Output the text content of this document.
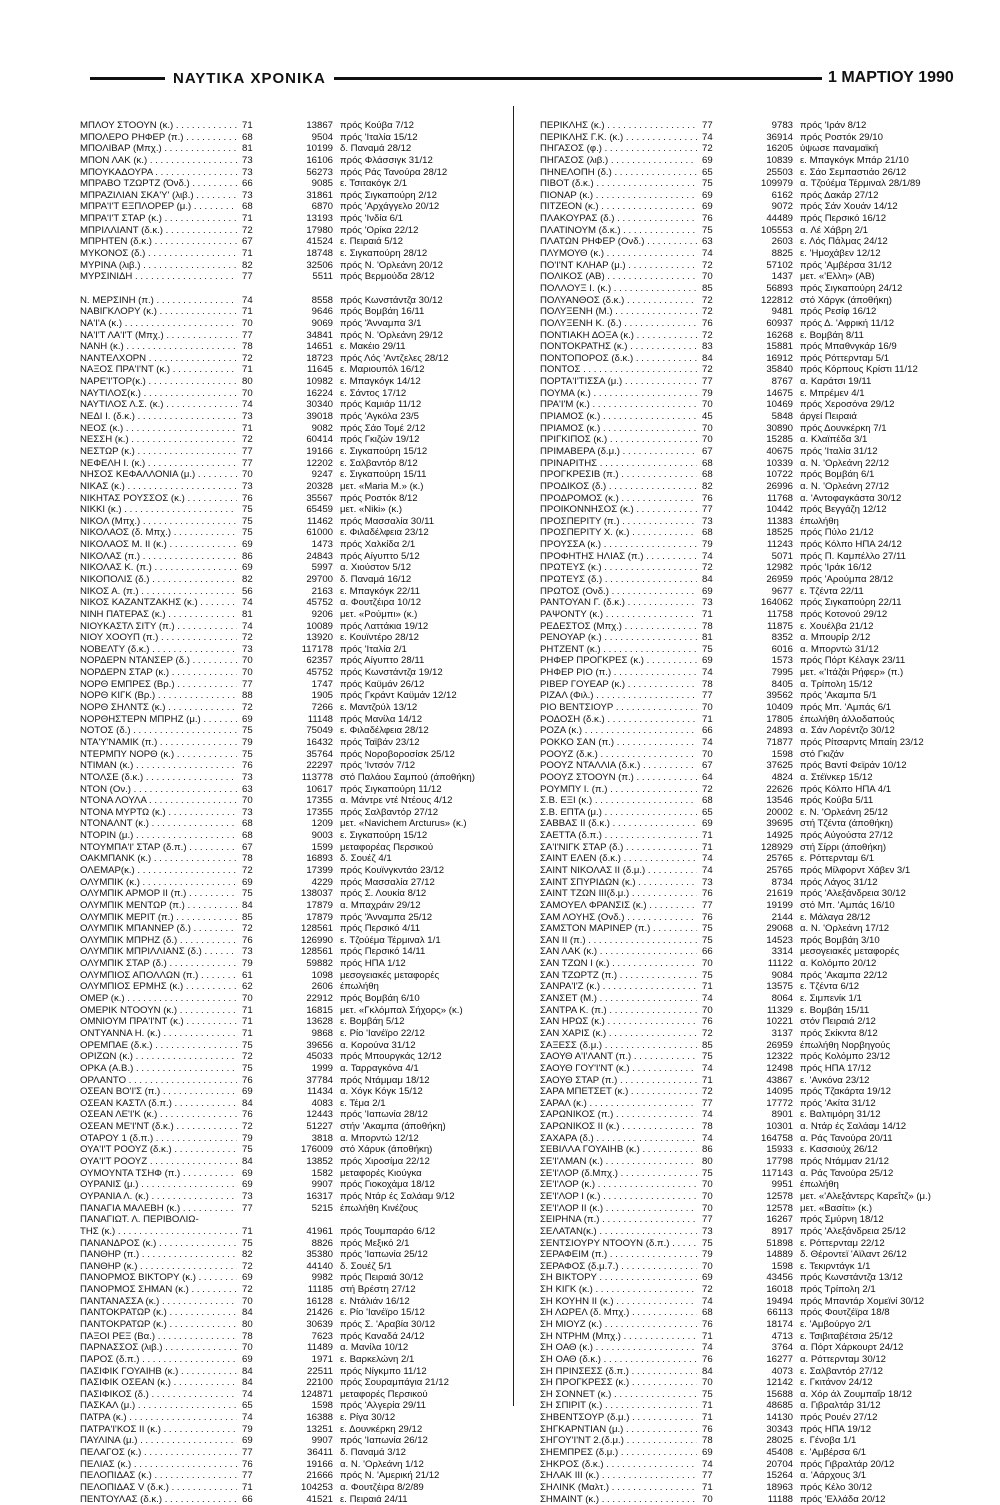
ΝΑΥΤΙΚΑ ΧΡΟΝΙΚΑ	1 ΜΑΡΤΙΟΥ 1990
ΜΠΛΟΥ ΣΤΟΟΥΝ (κ.) . . .	71	13867 πρός Κούβα 7/12
ΜΠΟΛΕΡΟ ΡΗΦΕΡ (π.) . . .	68	9504 πρός 'Ιταλία 15/12
ΜΠΟΛΙΒΑΡ (Μπχ.) . . .	81	10199 δ. Παναμά 28/12
ΜΠΟΝ ΛΑΚ (κ.) . . .	73	16106 πρός Φλάσσιγκ 31/12
ΜΠΟΥΚΑΔΟΥΡΑ . . .	73	56273 πρός Ράς Τανούρα 28/12
ΜΠΡΑΒΟ ΤΖΩΡΤΖ (Όνδ.) . . .	66	9085 ε. Τσιτακόγκ 2/1
ΜΠΡΑΖΙΛΙΑΝ ΣΚΑ'Υ' (λιβ.) . . .	73	31861 πρός Σιγκαπούρη 2/12
ΜΠΡΑ'Ι'Τ ΕΞΠΛΟΡΕΡ (μ.) . . .	68	6870 πρός 'Αρχάγγελο 20/12
ΜΠΡΑ'Ι'Τ ΣΤΑΡ (κ.) . . .	71	13193 πρός 'Ινδία 6/1
ΜΠΡΙΛΛΙΑΝΤ (δ.κ.) . . .	72	17980 πρός 'Ορίκα 22/12
ΜΠΡΗΤΕΝ (δ.κ.) . . .	67	41524 ε. Πειραιά 5/12
ΜΥΚΟΝΟΣ (δ.) . . .	71	18748 ε. Σιγκαπούρη 28/12
ΜΥΡΙΝΑ (λιβ.) . . .	82	32506 πρός Ν. 'Ορλεάνη 20/12
ΜΥΡΣΙΝΙΔΗ . . .	77	5511 πρός Βερμούδα 28/12
Ν. ΜΕΡΣΙΝΗ (π.) . . .	74	8558 πρός Κωνστάντζα 30/12
ΝΑΒΙΓΚΛΟΡΥ (κ.) . . .	71	9646 πρός Βομβάη 16/11
ΝΑ'Ι'Α (κ.) . . .	70	9069 πρός 'Άνναμπα 3/1
ΝΑ'Ι'Τ ΛΑ'Ι'Τ (Μπχ.) . . .	77	34841 πρός Ν. 'Ορλεάνη 29/12
ΝΑΝΗ (κ.) . . .	78	14651 ε. Μακέιο 29/11
ΝΑΝΤΕΛΧΟΡΝ . . .	72	18723 πρός Λός 'Αντζελες 28/12
ΝΑΞΟΣ ΠΡΑ'Ι'ΝΤ (κ.) . . .	71	11645 ε. Μαριουπόλ 16/12
ΝΑΡΕ'Ι'ΤΟΡ(κ.) . . .	80	10982 ε. Μπαγκόγκ 14/12
ΝΑΥΤΙΛΟΣ(κ.) . . .	70	16224 ε. Σάντος 17/12
ΝΑΥΤΙΛΟΣ Λ.Σ. (κ.) . . .	74	30340 πρός Καμιάρ 11/12
ΝΕΔΙ Ι. (δ.κ.) . . .	73	39018 πρός 'Αγκόλα 23/5
ΝΕΟΣ (κ.) . . .	71	9082 πρός Σάο Τομέ 2/12
ΝΕΣΣΗ (κ.) . . .	72	60414 πρός Γκιζών 19/12
ΝΕΣΤΩΡ (κ.) . . .	77	19166 ε. Σιγκαπούρη 15/12
ΝΕΦΕΛΗ Ι. (κ.) . . .	77	12202 ε. Σαλβαντόρ 8/12
ΝΗΣΟΣ ΚΕΦΑΛΛΟΝΙΑ (μ.) . . .	70	9247 ε. Σιγκαπούρη 15/11
ΝΙΚΑΣ (κ.) . . .	73	20328 μετ. «Maria M.» (κ.)
ΝΙΚΗΤΑΣ ΡΟΥΣΣΟΣ (κ.) . . .	76	35567 πρός Ροστόκ 8/12
ΝΙΚΚΙ (κ.) . . .	75	65459 μετ. «Nikі» (κ.)
ΝΙΚΟΛ (Μπχ.) . . .	75	11462 πρός Μασσαλία 30/11
ΝΙΚΟΛΑΟΣ (δ. Μπχ.) . . .	75	61000 ε. Φιλαδέλφεια 23/12
ΝΙΚΟΛΑΟΣ Μ. ΙΙ (κ.) . . .	69	1473 πρός Χαλκίδα 2/1
ΝΙΚΟΛΑΣ (π.) . . .	86	24843 πρός Αίγυπτο 5/12
ΝΙΚΟΛΑΣ Κ. (π.) . . .	69	5997 α. Χιούστον 5/12
ΝΙΚΟΠΟΛΙΣ (δ.) . . .	82	29700 δ. Παναμά 16/12
ΝΙΚΟΣ Α. (π.) . . .	56	2163 ε. Μπαγκόγκ 22/11
ΝΙΚΟΣ ΚΑΖΑΝΤΖΑΚΗΣ (κ.) . . .	74	45752 α. Φουτζέιρα 10/12
ΝΙΝΗ ΠΑΤΕΡΑΣ (κ.) . . .	81	9206 μετ. «Ρούμπι» (κ.)
ΝΙΟΥΚΑΣΤΛ ΣΙΤΥ (π.) . . .	74	10089 πρός Λαττάκια 19/12
ΝΙΟΥ ΧΟΟΥΠ (π.) . . .	72	13920 ε. Κουϊντέρο 28/12
ΝΟΒΕΛΤΥ (δ.κ.) . . .	73	117178 πρός 'Ιταλία 2/1
ΝΟΡΔΕΡΝ ΝΤΑΝΣΕΡ (δ.) . . .	70	62357 πρός Αίγυπτο 28/11
ΝΟΡΔΕΡΝ ΣΤΑΡ (κ.) . . .	70	45752 πρός Κωνστάντζα 19/12
ΝΟΡΘ ΕΜΠΡΕΣ (Βρ.) . . .	77	1747 πρός Καϋμάν 26/12
ΝΟΡΘ ΚΙΓΚ (Βρ.) . . .	88	1905 πρός Γκράντ Καϋμάν 12/12
ΝΟΡΘ ΣΗΛΝΤΣ (κ.) . . .	72	7266 ε. Μαντζούλ 13/12
ΝΟΡΘΗΣΤΕΡΝ ΜΠΡΗΖ (μ.) . . .	69	11148 πρός Μανίλα 14/12
ΝΟΤΟΣ (δ.) . . .	75	75049 ε. Φιλαδέλφεια 28/12
ΝΤΑ'Υ'ΝΑΜΙΚ (π.) . . .	79	16432 πρός Ταϊβάν 23/12
ΝΤΕΡΜΠΥ ΝΟΡΘ (κ.) . . .	75	35764 πρός Νοροβοροσίσκ 25/12
ΝΤΙΜΑΝ (κ.) . . .	76	22297 πρός 'Ιντσόν 7/12
ΝΤΟΛΣΕ (δ.κ.) . . .	73	113778 στό Παλάου Σαμπού (άποθήκη)
ΝΤΟΝ (Ον.) . . .	63	10617 πρός Σιγκαπούρη 11/12
ΝΤΟΝΑ ΛΟΥΛΑ . . .	70	17355 α. Μάντρε ντέ Ντέους 4/12
ΝΤΟΝΑ ΜΥΡΤΩ (κ.) . . .	73	17355 πρός Σαλβαντόρ 27/12
ΝΤΟΝΑΛΝΤ (κ.) . . .	68	1209 μετ. «Navichem Arcturus» (κ.)
ΝΤΟΡΙΝ (μ.) . . .	68	9003 ε. Σιγκαπούρη 15/12
ΝΤΟΥΜΠΑ'Ι' ΣΤΑΡ (δ.π.) . . .	67	1599 μεταφορέας Περσικού
ΟΑΚΜΠΑΝΚ (κ.) . . .	78	16893 δ. Σουέζ 4/1
ΟΛΕΜΑΡ(κ.) . . .	72	17399 πρός Κουϊνγκντάο 23/12
ΟΛΥΜΠΙΚ (κ.) . . .	69	4229 πρός Μασσαλία 27/12
ΟΛΥΜΠΙΚ ΑΡΜΟΡ ΙΙ (π.) . . .	75	138037 πρός Σ. Λουκία 8/12
ΟΛΥΜΠΙΚ ΜΕΝΤΩΡ (π.) . . .	84	17879 α. Μπαχράιν 29/12
ΟΛΥΜΠΙΚ ΜΕΡΙΤ (π.) . . .	85	17879 πρός 'Άνναμπα 25/12
ΟΛΥΜΠΙΚ ΜΠΑΝΝΕΡ (δ.) . . .	72	128561 πρός Περσικό 4/11
ΟΛΥΜΠΙΚ ΜΠΡΗΖ (δ.) . . .	76	126990 ε. Τζούέμα Τέρμιναλ 1/1
ΟΛΥΜΠΙΚ ΜΠΡΙΛΛΙΑΝΣ (δ.) . . .	73	128561 πρός Περσικό 14/11
ΟΛΥΜΠΙΚ ΣΤΑΡ (δ.) . . .	79	59882 πρός ΗΠΑ 1/12
ΟΛΥΜΠΙΟΣ ΑΠΟΛΛΩΝ (π.) . . .	61	1098 μεσογειακές μεταφορές
ΟΛΥΜΠΙΟΣ ΕΡΜΗΣ (κ.) . . .	62	2606 έπωλήθη
ΟΜΕΡ (κ.) . . .	70	22912 πρός Βομβάη 6/10
ΟΜΕΡΙΚ ΝΤΟΟΥΝ (κ.) . . .	71	16815 μετ. «Γκλόμπαλ Σήχορς» (κ.)
ΟΜΝΙΟΥΜ ΠΡΑ'Ι'ΝΤ (κ.) . . .	71	13628 ε. Βομβάη 5/12
ΟΝΤΥΑΝΝΑ Η. (κ.) . . .	71	9868 ε. Ρίο 'Ιανέϊρο 22/12
ΟΡΕΜΠΑΕ (δ.κ.) . . .	75	39656 α. Κορούνα 31/12
ΟΡΙΖΩΝ (κ.) . . .	72	45033 πρός Μπουργκάς 12/12
ΟΡΚΑ (Α.Β.) . . .	75	1999 α. Ταρραγκόνα 4/1
ΟΡΛΑΝΤΟ . . .	76	37784 πρός Ντάμμαμ 18/12
ΟΣΕΑΝ ΒΟ'Ι'Σ (π.) . . .	69	11434 α. Χόγκ Κόγκ 15/12
ΟΣΕΑΝ ΚΑΣΤΛ (δ.π.) . . .	84	4083 ε. Τέμα 2/1
ΟΣΕΑΝ ΛΕ'Ι'Κ (κ.) . . .	76	12443 πρός 'Ιαπωνία 28/12
ΟΣΕΑΝ ΜΕ'Ι'ΝΤ (δ.κ.) . . .	72	51227 στήν 'Ακαμπα (άποθήκη)
ΟΤΑΡΟΥ 1 (δ.π.) . . .	79	3818 α. Μπορντώ 12/12
ΟΥΑ'Ι'Τ ΡΟΟΥΖ (δ.κ.) . . .	75	176009 στό Χάρυκ (άποθήκη)
ΟΥΑ'Ι'Τ ΡΟΟΥΖ . . .	84	13852 πρός Χιροσίμα 22/12
ΟΥΜΟΥΝΤΑ ΤΣΗΦ (π.) . . .	69	1582 μεταφορές Κιούγκα
ΟΥΡΑΝΙΣ (μ.) . . .	69	9907 πρός Γιοκοχάμα 18/12
ΟΥΡΑΝΙΑ Λ. (κ.) . . .	73	16317 πρός Ντάρ ές Σαλάαμ 9/12
ΠΑΝΑΓΙΑ ΜΑΛΕΒΗ (κ.) . . .	77	5215 έπωλήθη Κινέζους
ΠΑΝΑΓΙΩΤ. Λ. ΠΕΡΙΒΟΛΙΩ-
ΤΗΣ (κ.) . . .	71	41961 πρός Τουμπαράο 6/12
ΠΑΝΑΝΔΡΟΣ (κ.) . . .	75	8826 πρός Μεξικό 2/1
ΠΑΝΘΗΡ (π.) . . .	82	35380 πρός 'Ιαπωνία 25/12
ΠΑΝΘΗΡ (κ.) . . .	72	44140 δ. Σουέζ 5/1
ΠΑΝΟΡΜΟΣ ΒΙΚΤΟΡΥ (κ.) . . .	69	9982 πρός Πειραιά 30/12
ΠΑΝΟΡΜΟΣ ΣΗΜΑΝ (κ.) . . .	72	11185 στή Βρέστη 27/12
ΠΑΝΤΑΝΑΣΣΑ (κ.) . . .	70	16128 ε. Ντάλιάν 16/12
ΠΑΝΤΟΚΡΑΤΩΡ (κ.) . . .	84	21426 ε. Ρίο 'Ιανέϊρο 15/12
ΠΑΝΤΟΚΡΑΤΩΡ (κ.) . . .	80	30639 πρός Σ. 'Αραβία 30/12
ΠΑΞΟΙ ΡΕΞ (Βα.) . . .	78	7623 πρός Καναδά 24/12
ΠΑΡΝΑΣΣΟΣ (λιβ.) . . .	70	11489 α. Μανίλα 10/12
ΠΑΡΟΣ (δ.π.) . . .	69	1971 ε. Βαρκελώνη 2/1
ΠΑΣΙΦΙΚ ΓΟΥΑΙΗΒ (κ.) . . .	84	22511 πρός Νίγκμπο 11/12
ΠΑΣΙΦΙΚ ΟΣΕΑΝ (κ.) . . .	84	22100 πρός Σουραμπάγια 21/12
ΠΑΣΙΦΙΚΟΣ (δ.) . . .	74	124871 μεταφορές Περσικού
ΠΑΣΚΑΛ (μ.) . . .	65	1598 πρός 'Αλγερία 29/11
ΠΑΤΡΑ (κ.) . . .	74	16388 ε. Ρίγα 30/12
ΠΑΤΡΑ'Ι'ΚΟΣ ΙΙ (κ.) . . .	79	13251 ε. Δουνκέρκη 29/12
ΠΑΥΛΙΝΑ (μ.) . . .	69	9907 πρός 'Ιαπωνία 26/12
ΠΕΛΑΓΟΣ (κ.) . . .	77	36411 δ. Παναμά 3/12
ΠΕΛΙΑΣ (κ.) . . .	76	19166 α. Ν. 'Ορλεάνη 1/12
ΠΕΛΟΠΙΔΑΣ (κ.) . . .	77	21666 πρός Ν. 'Αμερική 21/12
ΠΕΛΟΠΙΔΑΣ V (δ.κ.) . . .	71	104253 α. Φουτζέιρα 8/2/89
ΠΕΝΤΟΥΛΑΣ (δ.κ.) . . .	66	41521 ε. Πειραιά 24/11
ΠΕΡΙΚΛΗΣ (κ.) . . .	77	9783 πρός 'Ιράν 8/12
ΠΕΡΙΚΛΗΣ Γ.Κ. (κ.) . . .	74	36914 πρός Ροστόκ 29/10
ΠΗΓΑΣΟΣ (φ.) . . .	72	16205 ύψωσε παναμαϊκή
ΠΗΓΑΣΟΣ (λιβ.) . . .	69	10839 ε. Μπαγκόγκ Μπάρ 21/10
ΠΗΝΕΛΟΠΗ (δ.) . . .	65	25503 ε. Σάο Σεμπαστιάο 26/12
ΠΙΒΟΤ (δ.κ.) . . .	75	109979 α. Τζούέμα Τέρμιναλ 28/1/89
ΠΙΟΝΑΡ (κ.) . . .	69	6162 πρός Δακάρ 27/12
ΠΙΤΖΕΟΝ (κ.) . . .	69	9072 πρός Σάν Χουάν 14/12
ΠΛΑΚΟΥΡΑΣ (δ.) . . .	76	44489 πρός Περσικό 16/12
ΠΛΑΤΙΝΟΥΜ (δ.κ.) . . .	75	105553 α. Λέ Χάβρη 2/1
ΠΛΑΤΩΝ ΡΗΦΕΡ (Ονδ.) . . .	63	2603 ε. Λός Πάλμας 24/12
ΠΛΥΜΟΥΘ (κ.) . . .	74	8825 ε. 'Ημοχάβεν 12/12
ΠΟ'Ι'ΝΤ ΚΛΗΑΡ (μ.) . . .	72	57102 πρός 'Αμβέρσα 31/12
ΠΟΛΙΚΟΣ (ΑΒ) . . .	70	1437 μετ. «'Ελλη» (ΑΒ)
ΠΟΛΛΟΥΞ Ι. (κ.) . . .	85	56893 πρός Σιγκαπούρη 24/12
ΠΟΛΥΑΝΘΟΣ (δ.κ.) . . .	72	122812 στό Χάργκ (άποθήκη)
ΠΟΛΥΞΕΝΗ (Μ.) . . .	72	9481 πρός Ρεσίφ 16/12
ΠΟΛΥΞΕΝΗ Κ. (δ.) . . .	76	60937 πρός Δ. 'Αφρική 11/12
ΠΟΝΤΙΑΚΗ ΔΟΞΑ (κ.) . . .	72	16268 ε. Βομβάη 8/11
ΠΟΝΤΟΚΡΑΤΗΣ (κ.) . . .	83	15881 πρός Μπαθνγκάρ 16/9
ΠΟΝΤΟΠΟΡΟΣ (δ.κ.) . . .	84	16912 πρός Ρόττερνταμ 5/1
ΠΟΝΤΟΣ . . .	72	35840 πρός Κόρπους Κρίστι 11/12
ΠΟΡΤΑ'Ι'ΤΙΣΣΑ (μ.) . . .	77	8767 α. Καράτσι 19/11
ΠΟΥΜΑ (κ.) . . .	79	14675 ε. Μπρέμεν 4/1
ΠΡΑ'Ι'Μ (κ.) . . .	70	10469 πρός Χεροσόνα 29/12
ΠΡΙΑΜΟΣ (κ.) . . .	45	5848 άργεί Πειραιά
ΠΡΙΑΜΟΣ (κ.) . . .	70	30890 πρός Δουνκέρκη 7/1
ΠΡΙΓΚΙΠΟΣ (κ.) . . .	70	15285 α. Κλαϊπέδα 3/1
ΠΡΙΜΑΒΕΡΑ (δ.μ.) . . .	67	40675 πρός 'Ιταλία 31/12
ΠΡΙΝΑΡΙΤΗΣ . . .	68	10339 α. Ν. 'Ορλεάνη 22/12
ΠΡΟΓΚΡΕΣΙΒ (π.) . . .	68	10722 πρός Βομβάη 6/1
ΠΡΟΔΙΚΟΣ (δ.) . . .	82	26996 α. Ν. 'Ορλεάνη 27/12
ΠΡΟΔΡΟΜΟΣ (κ.) . . .	76	11768 α. 'Αντοφαγκάστα 30/12
ΠΡΟΙΚΟΝΝΗΣΟΣ (κ.) . . .	77	10442 πρός Βεγγάζη 12/12
ΠΡΟΣΠΕΡΙΤΥ (π.) . . .	73	11383 έπωλήθη
ΠΡΟΣΠΕΡΙΤΥ Χ. (κ.) . . .	68	18525 πρός Πύλο 21/12
ΠΡΟΥΣΣΑ (κ.) . . .	79	11243 πρός Κόλπο ΗΠΑ 24/12
ΠΡΟΦΗΤΗΣ ΗΛΙΑΣ (π.) . . .	74	5071 πρός Π. Καμπέλλο 27/11
ΠΡΩΤΕΥΣ (κ.) . . .	72	12982 πρός 'Ιράκ 16/12
ΠΡΩΤΕΥΣ (δ.) . . .	84	26959 πρός 'Αρούμπα 28/12
ΠΡΩΤΟΣ (Ονδ.) . . .	69	9677 ε. Τζέντα 22/11
ΡΑΝΤΟΥΑΝ Γ. (δ.κ.) . . .	73	164062 πρός Σιγκαπούρη 22/11
ΡΑΨΟΝΤΥ (κ.) . . .	71	11758 πρός Κοτονού 29/12
ΡΕΔΕΣΤΟΣ (Μπχ.) . . .	78	11875 ε. Χουέλβα 21/12
ΡΕΝΟΥΑΡ (κ.) . . .	81	8352 α. Μπουρίρ 2/12
ΡΗΤΖΕΝΤ (κ.) . . .	75	6016 α. Μπορντώ 31/12
ΡΗΦΕΡ ΠΡΟΓΚΡΕΣ (κ.) . . .	69	1573 πρός Πόρτ Κέλαγκ 23/11
ΡΗΦΕΡ ΡΙΟ (π.) . . .	74	7995 μετ. «'Ιτάζάι Ρήφερ» (π.)
ΡΙΒΕΡ ΓΟΥΕΑΡ (κ.) . . .	78	8405 α. Τρίπολη 15/12
ΡΙΖΑΛ (Φιλ.) . . .	77	39562 πρός 'Ακαμπα 5/1
ΡΙΟ ΒΕΝΤΣΙΟΥΡ . . .	70	10409 πρός Μπ. 'Αμπάς 6/1
ΡΟΔΟΣΗ (δ.κ.) . . .	71	17805 έπωλήθη άλλοδαπούς
ΡΟΖΑ (κ.) . . .	66	24893 α. Σάν Λορέντζο 30/12
ΡΟΚΚΟ ΣΑΝ (π.) . . .	74	71877 πρός Ρίτσαρντς Μπαίη 23/12
ΡΟΟΥΖ (δ.κ.) . . .	70	1598 στό Γκιζάν
ΡΟΟΥΖ ΝΤΑΛΛΙΑ (δ.κ.) . . .	67	37625 πρός Βαντί Φεϊράν 10/12
ΡΟΟΥΖ ΣΤΟΟΥΝ (π.) . . .	64	4824 α. Στέϊνκερ 15/12
ΡΟΥΜΠΥ Ι. (π.) . . .	72	22626 πρός Κόλπο ΗΠΑ 4/1
Σ.Β. ΕΞΙ (κ.) . . .	68	13546 πρός Κούβα 5/11
Σ.Β. ΕΠΤΑ (μ.) . . .	65	20002 ε. Ν. 'Ορλεάνη 25/12
ΣΑΒΒΑΣ ΙΙ (δ.κ.) . . .	69	39695 στή Τζέντα (άποθήκη)
ΣΑΕΤΤΑ (δ.π.) . . .	71	14925 πρός Αύγούστα 27/12
ΣΑ'Ι'ΝΙΓΚ ΣΤΑΡ (δ.) . . .	71	128929 στή Σίρρι (άποθήκη)
ΣΑΙΝΤ ΕΛΕΝ (δ.κ.) . . .	74	25765 ε. Ρόττερνταμ 6/1
ΣΑΙΝΤ ΝΙΚΟΛΑΣ ΙΙ (δ.μ.) . . .	74	25765 πρός Μίλφορντ Χάβεν 3/1
ΣΑΙΝΤ ΣΠΥΡΙΔΩΝ (κ.) . . .	73	8734 πρός Λάγος 31/12
ΣΑΙΝΤ ΤΖΩΝ ΙΙΙ(δ.μ.) . . .	76	21619 πρός 'Αλεξάνδρεια 30/12
ΣΑΜΟΥΕΛ ΦΡΑΝΣΙΣ (κ.) . . .	77	19199 στό Μπ. 'Αμπάς 16/10
ΣΑΜ ΛΟΥΗΣ (Ονδ.) . . .	76	2144 ε. Μάλαγα 28/12
ΣΑΜΣΤΟΝ ΜΑΡΙΝΕΡ (π.) . . .	75	29068 α. Ν. 'Ορλεάνη 17/12
ΣΑΝ ΙΙ (π.) . . .	75	14523 πρός Βομβάη 3/10
ΣΑΝ ΛΑΚ (κ.) . . .	66	3314 μεσογειακές μεταφορές
ΣΑΝ ΤΖΩΝ Ι (κ.) . . .	70	11122 α. Κολόμπο 20/12
ΣΑΝ ΤΖΩΡΤΖ (π.) . . .	75	9084 πρός 'Ακαμπα 22/12
ΣΑΝΡΑ'Ι'Ζ (κ.) . . .	71	13575 ε. Τζέντα 6/12
ΣΑΝΣΕΤ (Μ.) . . .	74	8064 ε. Σιμπενίκ 1/1
ΣΑΝΤΡΑ Κ. (π.) . . .	70	11329 ε. Βομβάη 15/11
ΣΑΝ ΗΡΩΣ (κ.) . . .	76	10221 στόν Πειραιά 2/12
ΣΑΝ ΧΑΡΙΣ (κ.) . . .	72	3137 πρός Σκίκντα 8/12
ΣΑΞΕΣΣ (δ.μ.) . . .	85	26959 έπωλήθη Νορβηγούς
ΣΑΟΥΘ Α'Ι'ΛΑΝΤ (π.) . . .	75	12322 πρός Κολόμπο 23/12
ΣΑΟΥΘ ΓΟΥ'Ι'ΝΤ (κ.) . . .	74	12498 πρός ΗΠΑ 17/12
ΣΑΟΥΘ ΣΤΑΡ (π.) . . .	71	43867 ε. 'Ανκόνα 23/12
ΣΑΡΑ ΜΠΕΤΣΕΤ (κ.) . . .	72	14095 πρός Τζακάρτα 19/12
ΣΑΡΑΛ (κ.) . . .	77	17772 πρός 'Ακίτα 31/12
ΣΑΡΩΝΙΚΟΣ (π.) . . .	74	8901 ε. Βαλτιμόρη 31/12
ΣΑΡΩΝΙΚΟΣ ΙΙ (κ.) . . .	78	10301 α. Ντάρ ές Σαλάαμ 14/12
ΣΑΧΑΡΑ (δ.) . . .	74	164758 α. Ράς Τανούρα 20/11
ΣΕΒΙΛΛΑ ΓΟΥΑΙΗΒ (κ.) . . .	86	15933 ε. Κασσιούχ 26/12
ΣΕ'Ι'ΛΜΑΝ (κ.) . . .	80	17798 πρός Ντάμμαν 21/12
ΣΕ'Ι'ΛΟΡ (δ.Μπχ.) . . .	75	117143 α. Ράς Τανούρα 25/12
ΣΕ'Ι'ΛΟΡ (κ.) . . .	70	9951 έπωλήθη
ΣΕ'Ι'ΛΟΡ Ι (κ.) . . .	70	12578 μετ. «'Αλεξάντερς Καρεΐτζ» (μ.)
ΣΕ'Ι'ΛΟΡ ΙΙ (κ.) . . .	70	12578 μετ. «Βασίτι» (κ.)
ΣΕΙΡΗΝΑ (π.) . . .	77	16267 πρός Σμύρνη 18/12
ΣΕΛΑΤΑΝ(κ.) . . .	73	8917 πρός 'Αλεξάνδρεια 25/12
ΣΕΝΤΣΙΟΥΡΥ ΝΤΟΟΥΝ (δ.π.) . . .	75	51898 ε. Ρόττερνταμ 22/12
ΣΕΡΑΦΕΙΜ (π.) . . .	79	14889 δ. Θέροντεϊ 'Αϊλαντ 26/12
ΣΕΡΑΦΟΣ (δ.μ.7.) . . .	70	1598 ε. Τεκιρντάγκ 1/1
ΣΗ ΒΙΚΤΟΡΥ . . .	69	43456 πρός Κωνστάντζα 13/12
ΣΗ ΚΙΓΚ (κ.) . . .	72	16018 πρός Τρίπολη 2/1
ΣΗ ΚΟΥΗΝ ΙΙ (κ.) . . .	74	19494 πρός Μπαντάρ Χομεϊνί 30/12
ΣΗ ΛΩΡΕΛ (δ. Μπχ.) . . .	68	66113 πρός Φουτζέϊρα 18/8
ΣΗ ΜΙΟΥΖ (κ.) . . .	76	18174 ε. 'Αμβούργο 2/1
ΣΗ ΝΤΡΗΜ (Μπχ.) . . .	71	4713 ε. Τσιβιταβέτσια 25/12
ΣΗ ΟΑΘ (κ.) . . .	74	3764 α. Πόρτ Χάρκουρτ 24/12
ΣΗ ΟΑΘ (δ.κ.) . . .	76	16277 α. Ρόττερνταμ 30/12
ΣΗ ΠΡΙΝΣΕΣΣ (δ.π.) . . .	84	4073 ε. Σαλβαντόρ 27/12
ΣΗ ΠΡΟΓΚΡΕΣΣ (κ.) . . .	70	12142 ε. Γκιτάνον 24/12
ΣΗ ΣΟΝΝΕΤ (κ.) . . .	75	15688 α. Χόρ άλ Ζουμπαΐρ 18/12
ΣΗ ΣΠΙΡΙΤ (κ.) . . .	71	48685 α. Γιβραλτάρ 31/12
ΣΗΒΕΝΤΣΟΥΡ (δ.μ.) . . .	71	14130 πρός Ρουέν 27/12
ΣΗΓΚΑΡΝΤΙΑΝ (μ.) . . .	76	30343 πρός ΗΠΑ 19/12
ΣΗΓΟΥ'Ι'ΝΤ 2.(δ.μ.) . . .	78	28025 ε. Γένοβα 1/1
ΣΗΕΜΠΡΕΣ (δ.μ.) . . .	69	45408 ε. 'Αμβέρσα 6/1
ΣΗΚΡΟΣ (δ.κ.) . . .	74	20704 πρός Γιβραλτάρ 20/12
ΣΗΛΑΚ ΙΙΙ (κ.) . . .	77	15264 α. 'Αάρχους 3/1
ΣΗΛΙΝΚ (Μαλτ.) . . .	71	18963 πρός Κέλο 30/12
ΣΗΜΑΙΝΤ (κ.) . . .	70	11188 πρός 'Ελλάδα 20/12
